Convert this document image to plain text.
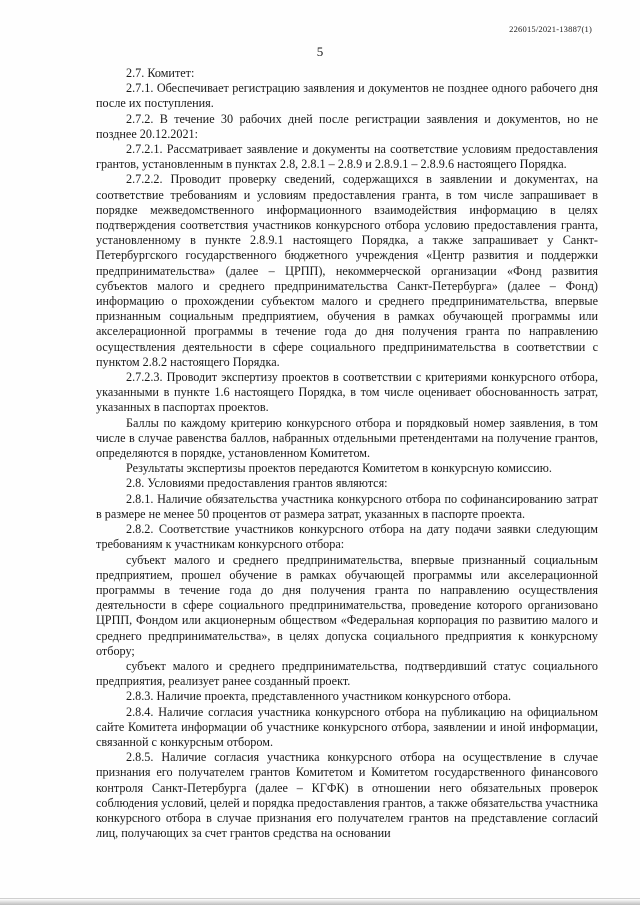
226015/2021-13887(1)
5

2.7. Комитет:

2.7.1. Обеспечивает регистрацию заявления и документов не позднее одного рабочего дня после их поступления.

2.7.2. В течение 30 рабочих дней после регистрации заявления и документов, но не позднее 20.12.2021:

2.7.2.1. Рассматривает заявление и документы на соответствие условиям предоставления грантов, установленным в пунктах 2.8, 2.8.1 – 2.8.9 и 2.8.9.1 – 2.8.9.6 настоящего Порядка.

2.7.2.2. Проводит проверку сведений, содержащихся в заявлении и документах, на соответствие требованиям и условиям предоставления гранта, в том числе запрашивает в порядке межведомственного информационного взаимодействия информацию в целях подтверждения соответствия участников конкурсного отбора условию предоставления гранта, установленному в пункте 2.8.9.1 настоящего Порядка, а также запрашивает у Санкт-Петербургского государственного бюджетного учреждения «Центр развития и поддержки предпринимательства» (далее – ЦРПП), некоммерческой организации «Фонд развития субъектов малого и среднего предпринимательства Санкт-Петербурга» (далее – Фонд) информацию о прохождении субъектом малого и среднего предпринимательства, впервые признанным социальным предприятием, обучения в рамках обучающей программы или акселерационной программы в течение года до дня получения гранта по направлению осуществления деятельности в сфере социального предпринимательства в соответствии с пунктом 2.8.2 настоящего Порядка.

2.7.2.3. Проводит экспертизу проектов в соответствии с критериями конкурсного отбора, указанными в пункте 1.6 настоящего Порядка, в том числе оценивает обоснованность затрат, указанных в паспортах проектов.

Баллы по каждому критерию конкурсного отбора и порядковый номер заявления, в том числе в случае равенства баллов, набранных отдельными претендентами на получение грантов, определяются в порядке, установленном Комитетом.

Результаты экспертизы проектов передаются Комитетом в конкурсную комиссию.

2.8. Условиями предоставления грантов являются:

2.8.1. Наличие обязательства участника конкурсного отбора по софинансированию затрат в размере не менее 50 процентов от размера затрат, указанных в паспорте проекта.

2.8.2. Соответствие участников конкурсного отбора на дату подачи заявки следующим требованиям к участникам конкурсного отбора:

субъект малого и среднего предпринимательства, впервые признанный социальным предприятием, прошел обучение в рамках обучающей программы или акселерационной программы в течение года до дня получения гранта по направлению осуществления деятельности в сфере социального предпринимательства, проведение которого организовано ЦРПП, Фондом или акционерным обществом «Федеральная корпорация по развитию малого и среднего предпринимательства», в целях допуска социального предприятия к конкурсному отбору;

субъект малого и среднего предпринимательства, подтвердивший статус социального предприятия, реализует ранее созданный проект.

2.8.3. Наличие проекта, представленного участником конкурсного отбора.

2.8.4. Наличие согласия участника конкурсного отбора на публикацию на официальном сайте Комитета информации об участнике конкурсного отбора, заявлении и иной информации, связанной с конкурсным отбором.

2.8.5. Наличие согласия участника конкурсного отбора на осуществление в случае признания его получателем грантов Комитетом и Комитетом государственного финансового контроля Санкт-Петербурга (далее – КГФК) в отношении него обязательных проверок соблюдения условий, целей и порядка предоставления грантов, а также обязательства участника конкурсного отбора в случае признания его получателем грантов на представление согласий лиц, получающих за счет грантов средства на основании
